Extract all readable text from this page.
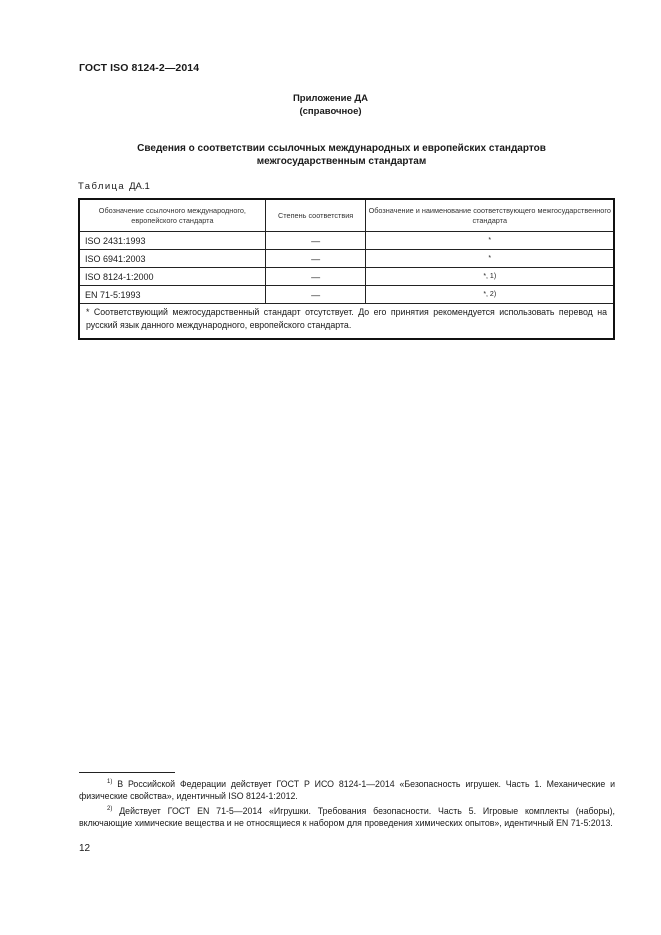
ГОСТ ISO 8124-2—2014
Приложение ДА
(справочное)
Сведения о соответствии ссылочных международных и европейских стандартов
межгосударственным стандартам
Таблица ДА.1
Обозначение ссылочного международного, европейского стандарта	Степень соответствия	Обозначение и наименование соответствующего межгосударственного стандарта
ISO 2431:1993	—	*
ISO 6941:2003	—	*
ISO 8124-1:2000	—	*, 1)
EN 71-5:1993	—	*, 2)
* Соответствующий межгосударственный стандарт отсутствует. До его принятия рекомендуется использовать перевод на русский язык данного международного, европейского стандарта.		
$^{1)}$ В Российской Федерации действует ГОСТ Р ИСО 8124-1—2014 «Безопасность игрушек. Часть 1. Механические и физические свойства», идентичный ISO 8124-1:2012.
$^{2)}$ Действует ГОСТ EN 71-5—2014 «Игрушки. Требования безопасности. Часть 5. Игровые комплекты (наборы), включающие химические вещества и не относящиеся к набором для проведения химических опытов», идентичный EN 71-5:2013.
12
